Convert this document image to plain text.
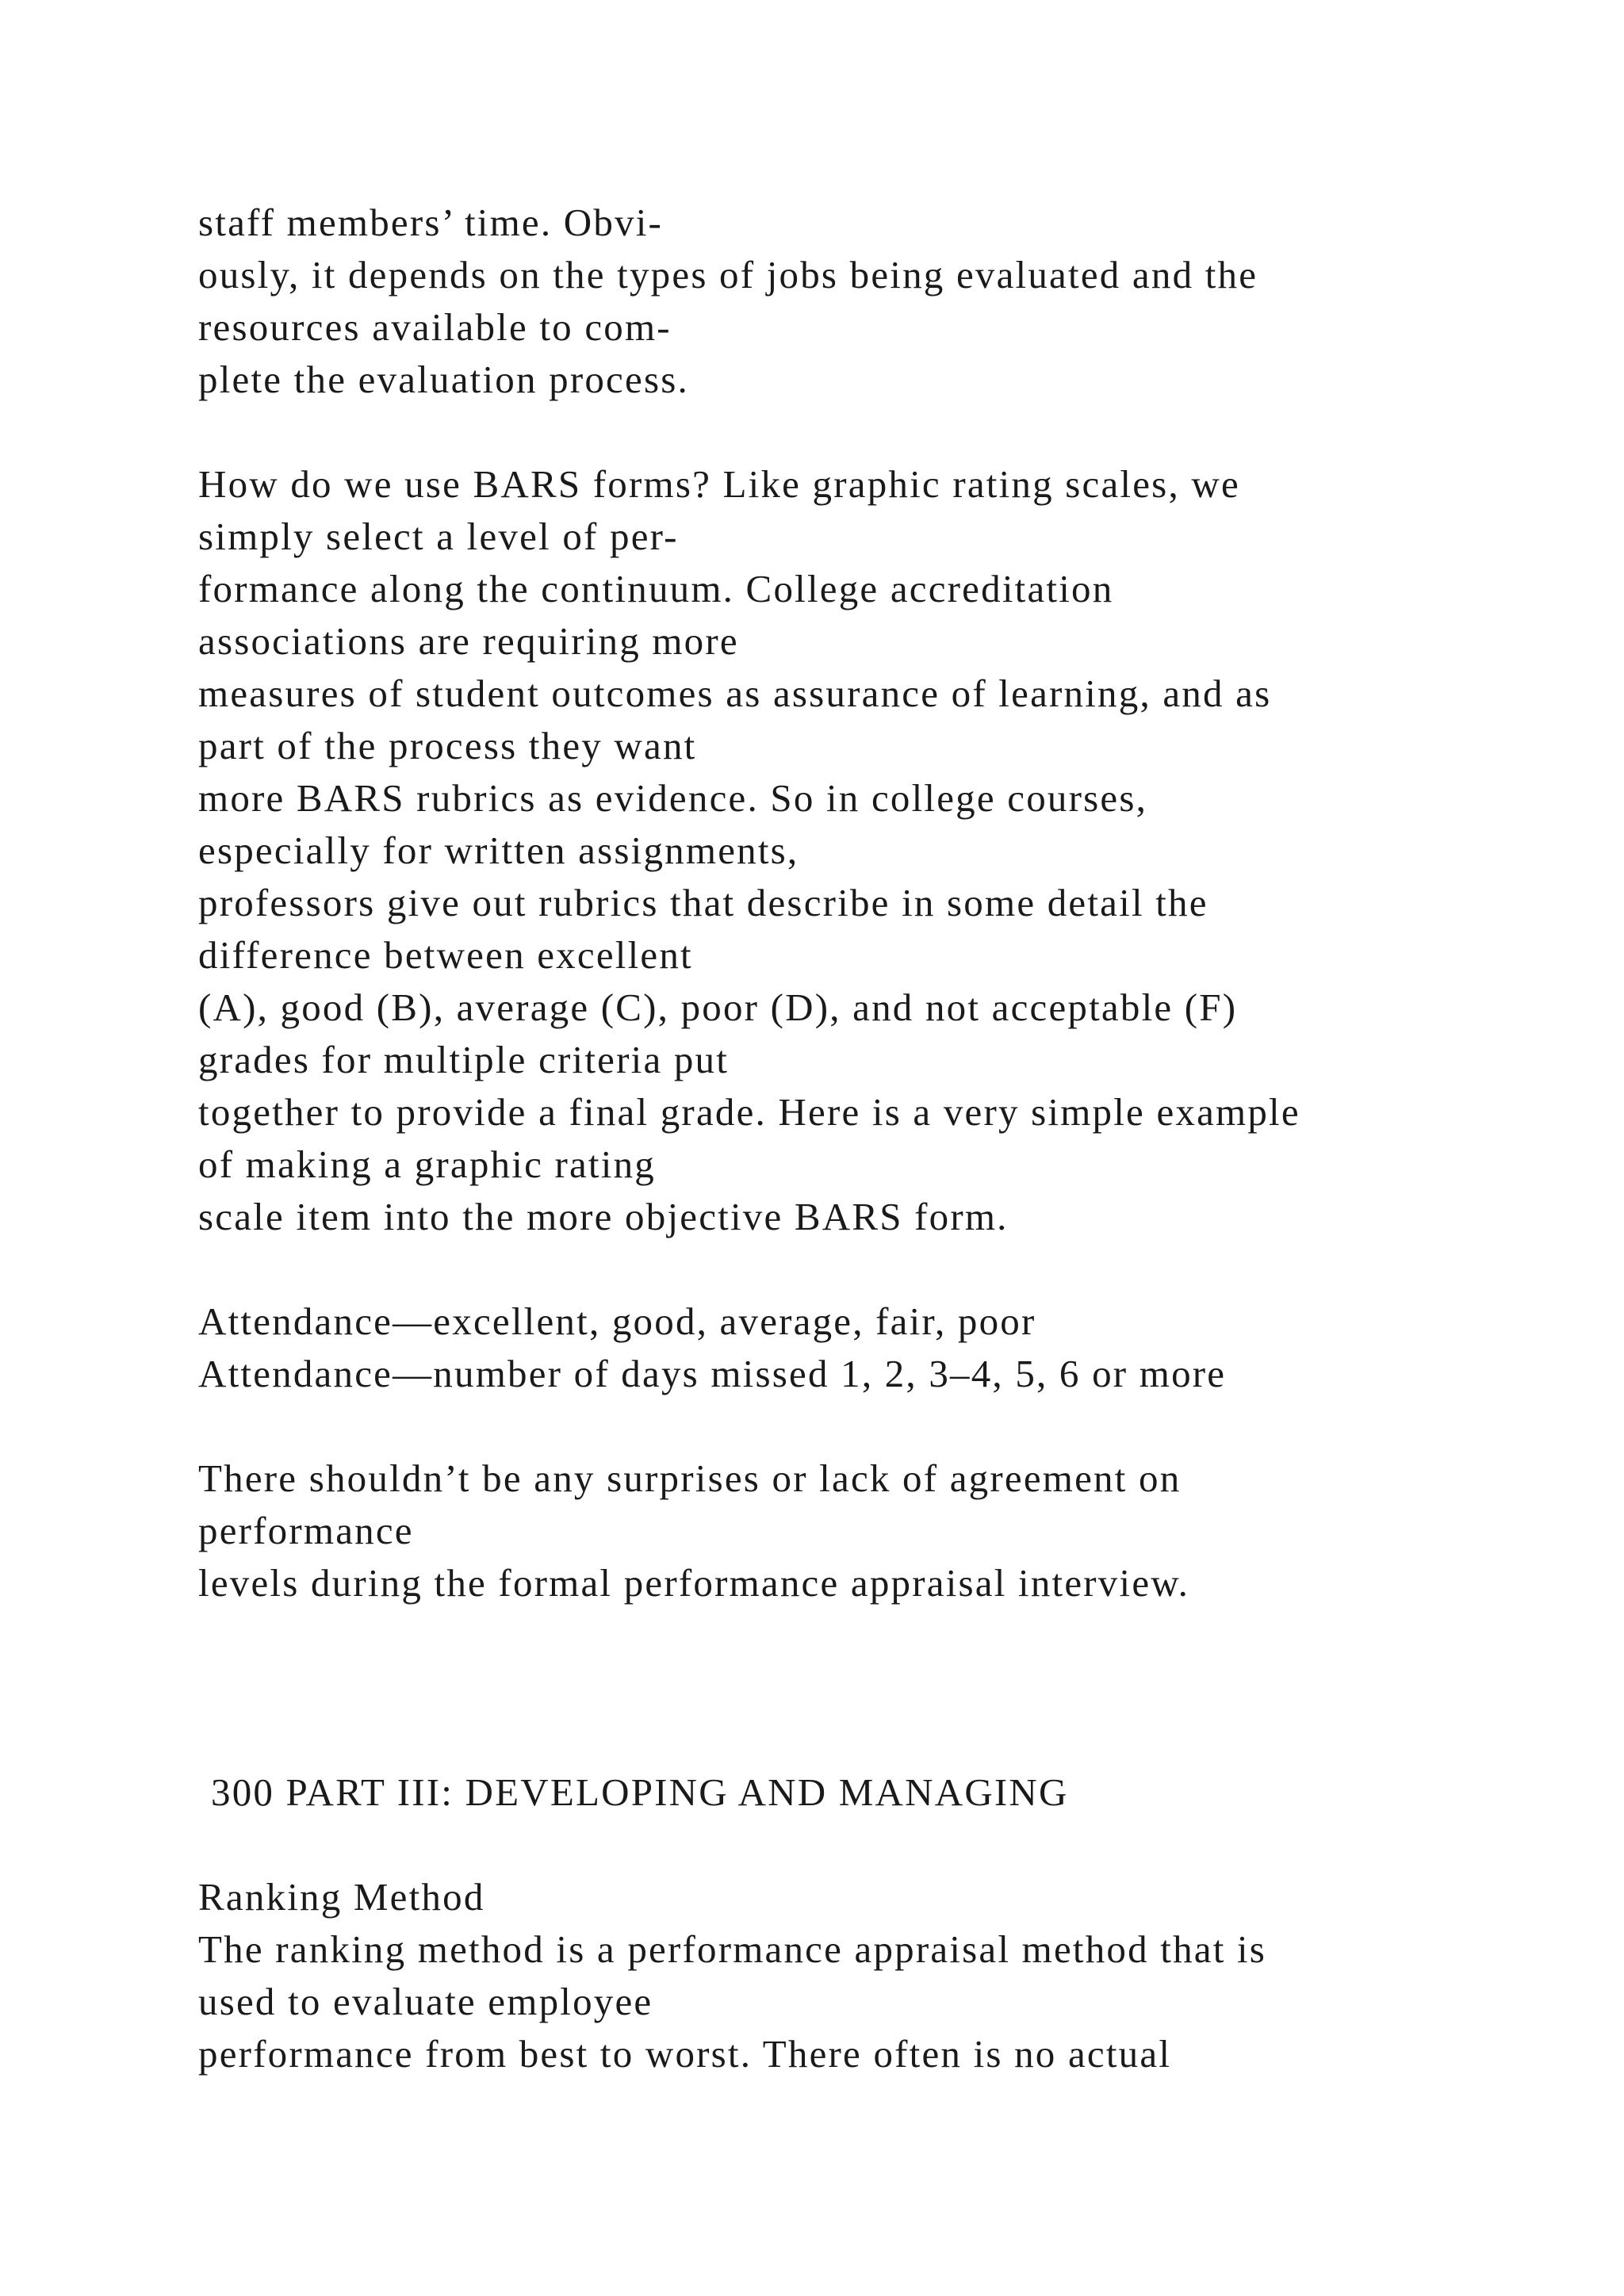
staff members’ time. Obvi-
ously, it depends on the types of jobs being evaluated and the
resources available to com-
plete the evaluation process.
How do we use BARS forms? Like graphic rating scales, we
simply select a level of per-
formance along the continuum. College accreditation
associations are requiring more
measures of student outcomes as assurance of learning, and as
part of the process they want
more BARS rubrics as evidence. So in college courses,
especially for written assignments,
professors give out rubrics that describe in some detail the
difference between excellent
(A), good (B), average (C), poor (D), and not acceptable (F)
grades for multiple criteria put
together to provide a final grade. Here is a very simple example
of making a graphic rating
scale item into the more objective BARS form.
Attendance—excellent, good, average, fair, poor
Attendance—number of days missed 1, 2, 3–4, 5, 6 or more
There shouldn’t be any surprises or lack of agreement on
performance
levels during the formal performance appraisal interview.
300 PART III: DEVELOPING AND MANAGING
Ranking Method
The ranking method is a performance appraisal method that is
used to evaluate employee
performance from best to worst. There often is no actual
